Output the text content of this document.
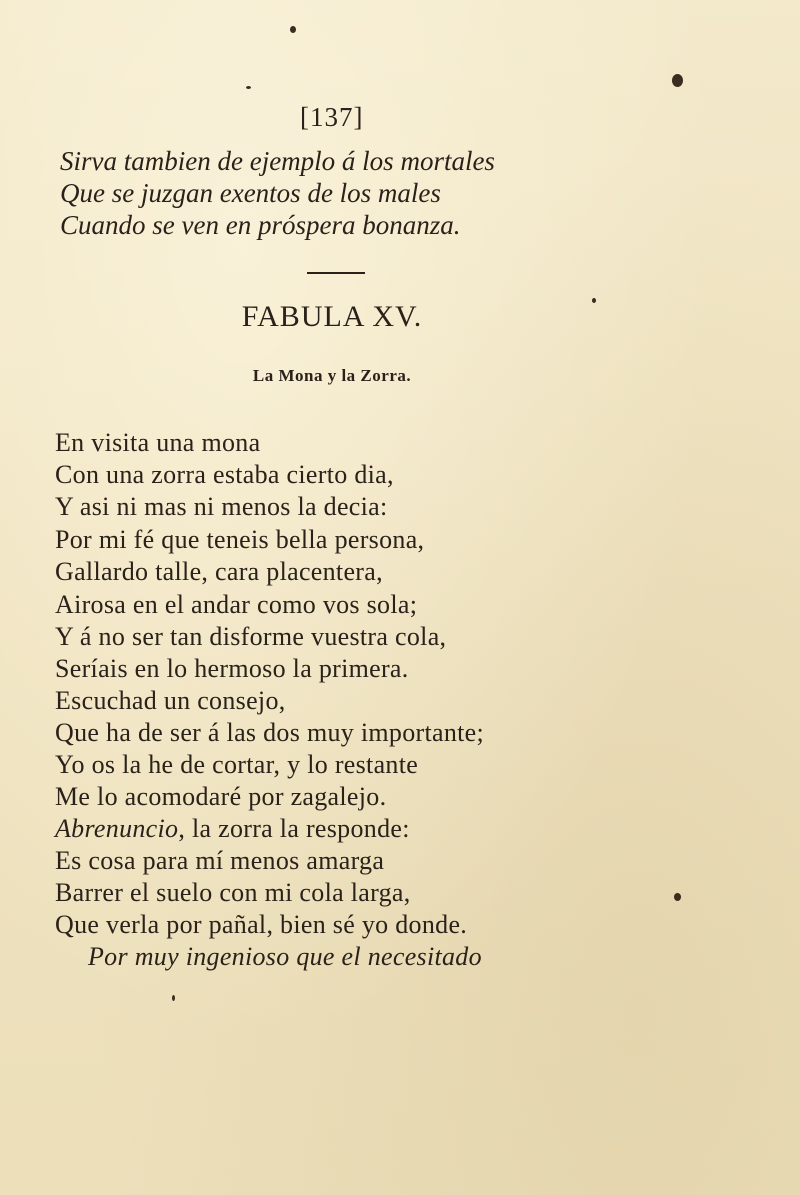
[137]

Sirva tambien de ejemplo á los mortales

Que se juzgan exentos de los males

Cuando se ven en próspera bonanza.

FABULA XV.
La Mona y la Zorra.
En visita una mona
Con una zorra estaba cierto dia,
Y asi ni mas ni menos la decia:
Por mi fé que teneis bella persona,
Gallardo talle, cara placentera,
Airosa en el andar como vos sola;
Y á no ser tan disforme vuestra cola,
Seríais en lo hermoso la primera.
Escuchad un consejo,
Que ha de ser á las dos muy importante;
Yo os la he de cortar, y lo restante
Me lo acomodaré por zagalejo.
Abrenuncio, la zorra la responde:
Es cosa para mí menos amarga
Barrer el suelo con mi cola larga,
Que verla por pañal, bien sé yo donde.
Por muy ingenioso que el necesitado
